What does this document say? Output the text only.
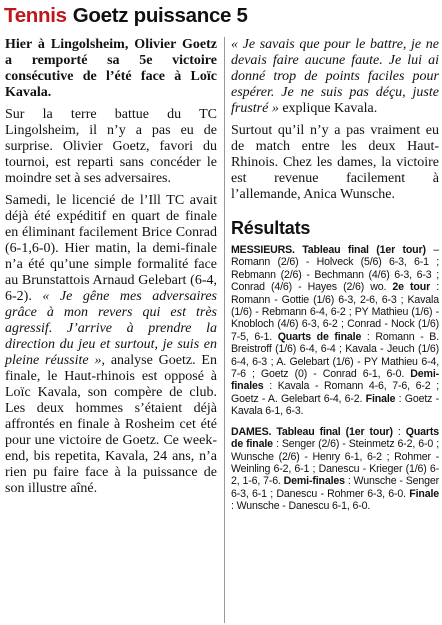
Tennis Goetz puissance 5

Hier à Lingolsheim, Olivier Goetz a remporté sa 5e victoire consécutive de l’été face à Loïc Kavala.

Sur la terre battue du TC Lingolsheim, il n’y a pas eu de surprise. Olivier Goetz, favori du tournoi, est reparti sans concéder le moindre set à ses adversaires.

Samedi, le licencié de l’Ill TC avait déjà été expéditif en quart de finale en éliminant facilement Brice Conrad (6-1,6-0). Hier matin, la demi-finale n’a été qu’une simple formalité face au Brunstattois Arnaud Gelebart (6-4, 6-2). « Je gêne mes adversaires grâce à mon revers qui est très agressif. J’arrive à prendre la direction du jeu et surtout, je suis en pleine réussite », analyse Goetz. En finale, le Haut-rhinois est opposé à Loïc Kavala, son compère de club. Les deux hommes s’étaient déjà affrontés en finale à Rosheim cet été pour une victoire de Goetz. Ce week-end, bis repetita, Kavala, 24 ans, n’a rien pu faire face à la puissance de son illustre aîné.

« Je savais que pour le battre, je ne devais faire aucune faute. Je lui ai donné trop de points faciles pour espérer. Je ne suis pas déçu, juste frustré » explique Kavala.

Surtout qu’il n’y a pas vraiment eu de match entre les deux Haut-Rhinois. Chez les dames, la victoire est revenue facilement à l’allemande, Anica Wunsche.

Résultats
MESSIEURS. Tableau final (1er tour) – Romann (2/6) - Holveck (5/6) 6-3, 6-1 ; Rebmann (2/6) - Bechmann (4/6) 6-3, 6-3 ; Conrad (4/6) - Hayes (2/6) wo. 2e tour : Romann - Gottie (1/6) 6-3, 2-6, 6-3 ; Kavala (1/6) - Rebmann 6-4, 6-2 ; PY Mathieu (1/6) - Knobloch (4/6) 6-3, 6-2 ; Conrad - Nock (1/6) 7-5, 6-1. Quarts de finale : Romann - B. Breistroff (1/6) 6-4, 6-4 ; Kavala - Jeuch (1/6) 6-4, 6-3 ; A. Gelebart (1/6) - PY Mathieu 6-4, 7-6 ; Goetz (0) - Conrad 6-1, 6-0. Demi-finales : Kavala - Romann 4-6, 7-6, 6-2 ; Goetz - A. Gelebart 6-4, 6-2. Finale : Goetz - Kavala 6-1, 6-3.
DAMES. Tableau final (1er tour) : Quarts de finale : Senger (2/6) - Steinmetz 6-2, 6-0 ; Wunsche (2/6) - Henry 6-1, 6-2 ; Rohmer - Weinling 6-2, 6-1 ; Danescu - Krieger (1/6) 6-2, 1-6, 7-6. Demi-finales : Wunsche - Senger 6-3, 6-1 ; Danescu - Rohmer 6-3, 6-0. Finale : Wunsche - Danescu 6-1, 6-0.
